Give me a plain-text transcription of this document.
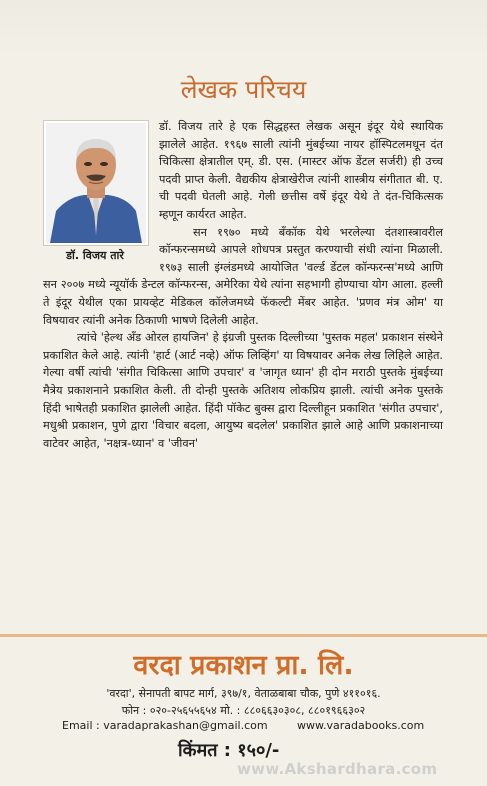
लेखक परिचय
डॉ. विजय तारे

डॉ. विजय तारे हे एक सिद्धहस्त लेखक असून इंदूर येथे स्थायिक झालेले आहेत. १९६७ साली त्यांनी मुंबईच्या नायर हॉस्पिटलमधून दंत चिकित्सा क्षेत्रातील एम्. डी. एस. (मास्टर ऑफ डेंटल सर्जरी) ही उच्च पदवी प्राप्त केली. वैद्यकीय क्षेत्राखेरीज त्यांनी शास्त्रीय संगीतात बी. ए. ची पदवी घेतली आहे. गेली छत्तीस वर्षे इंदूर येथे ते दंत-चिकित्सक म्हणून कार्यरत आहेत.

सन १९७० मध्ये बँकॉक येथे भरलेल्या दंतशास्त्रावरील कॉन्फरन्समध्ये आपले शोधपत्र प्रस्तुत करण्याची संधी त्यांना मिळाली. १९७३ साली इंग्लंडमध्ये आयोजित 'वर्ल्ड डेंटल कॉन्फरन्स'मध्ये आणि सन २००७ मध्ये न्यूयॉर्क डेन्टल कॉन्फरन्स, अमेरिका येथे त्यांना सहभागी होण्याचा योग आला. हल्ली ते इंदूर येथील एका प्रायव्हेट मेडिकल कॉलेजमध्ये फॅकल्टी मेंबर आहेत. 'प्रणव मंत्र ओम' या विषयावर त्यांनी अनेक ठिकाणी भाषणे दिलेली आहेत.

त्यांचे 'हेल्थ अँड ओरल हायजिन' हे इंग्रजी पुस्तक दिल्लीच्या 'पुस्तक महल' प्रकाशन संस्थेने प्रकाशित केले आहे. त्यांनी 'हार्ट (आर्ट नव्हे) ऑफ लिव्हिंग' या विषयावर अनेक लेख लिहिले आहेत. गेल्या वर्षी त्यांची 'संगीत चिकित्सा आणि उपचार' व 'जागृत ध्यान' ही दोन मराठी पुस्तके मुंबईच्या मैत्रेय प्रकाशनाने प्रकाशित केली. ती दोन्ही पुस्तके अतिशय लोकप्रिय झाली. त्यांची अनेक पुस्तके हिंदी भाषेतही प्रकाशित झालेली आहेत. हिंदी पॉकेट बुक्स द्वारा दिल्लीहून प्रकाशित 'संगीत उपचार', मधुश्री प्रकाशन, पुणे द्वारा 'विचार बदला, आयुष्य बदलेल' प्रकाशित झाले आहे आणि प्रकाशनाच्या वाटेवर आहेत, 'नक्षत्र-ध्यान' व 'जीवन'

वरदा प्रकाशन प्रा. लि.
'वरदा', सेनापती बापट मार्ग, ३९७/१, वेताळबाबा चौक, पुणे ४११०१६.
फोन : ०२०-२५६५५६५४ मो. : ८८०६६३०३०८, ८८०१९६६३०२
Email : varadaprakashan@gmail.com	www.varadabooks.com
किंमत : १५०/-
www.Akshardhara.com
